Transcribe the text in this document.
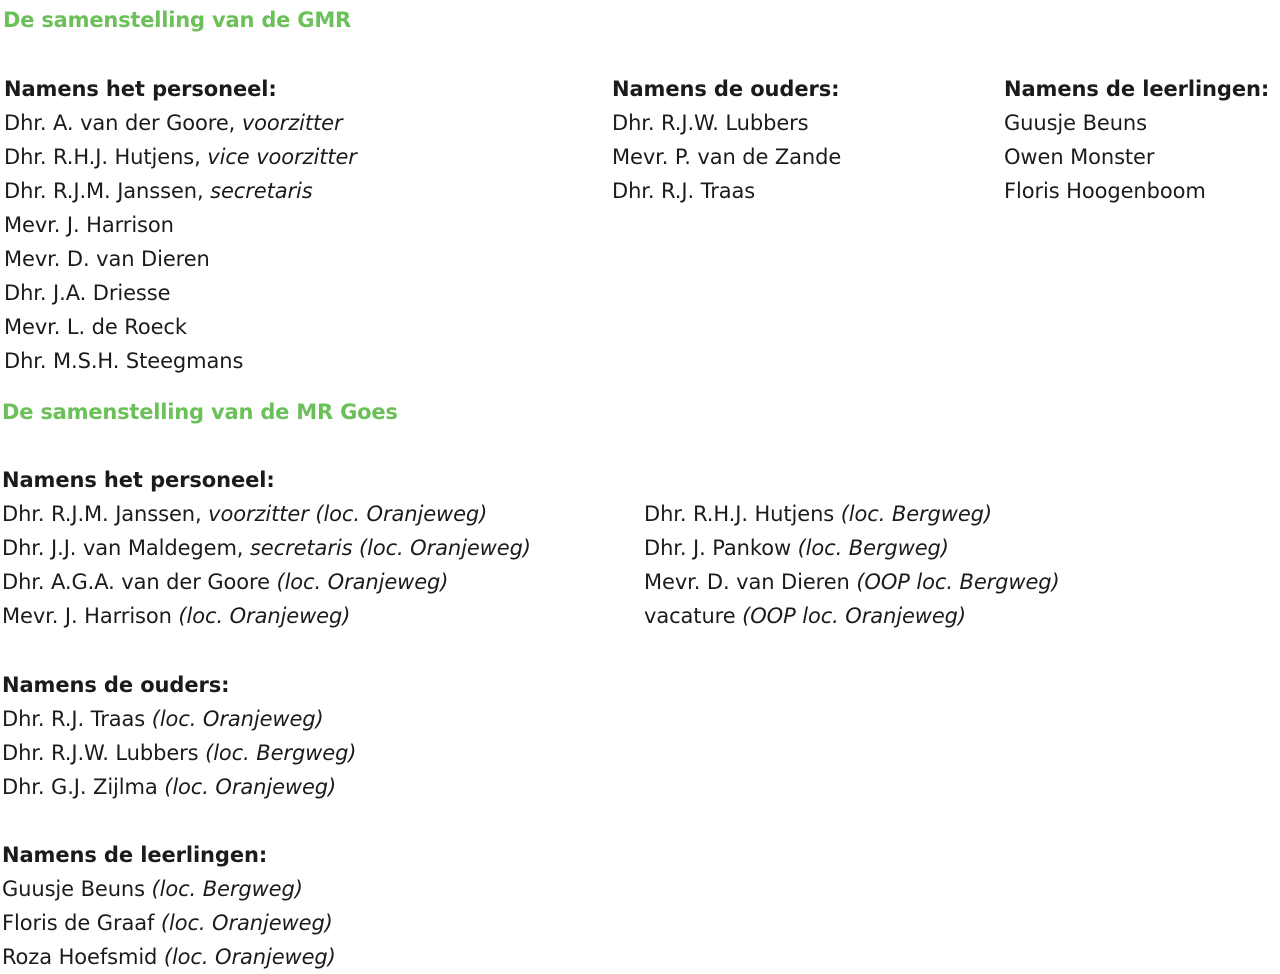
De samenstelling van de GMR
Namens het personeel:
Dhr. A. van der Goore, voorzitter
Dhr. R.H.J. Hutjens, vice voorzitter
Dhr. R.J.M. Janssen, secretaris
Mevr. J. Harrison
Mevr. D. van Dieren
Dhr. J.A. Driesse
Mevr. L. de Roeck
Dhr. M.S.H. Steegmans
Namens de ouders:
Dhr. R.J.W. Lubbers
Mevr. P. van de Zande
Dhr. R.J. Traas
Namens de leerlingen:
Guusje Beuns
Owen Monster
Floris Hoogenboom
De samenstelling van de MR Goes
Namens het personeel:
Dhr. R.J.M. Janssen, voorzitter (loc. Oranjeweg)
Dhr. J.J. van Maldegem, secretaris (loc. Oranjeweg)
Dhr. A.G.A. van der Goore (loc. Oranjeweg)
Mevr. J. Harrison (loc. Oranjeweg)
Dhr. R.H.J. Hutjens (loc. Bergweg)
Dhr. J. Pankow (loc. Bergweg)
Mevr. D. van Dieren (OOP loc. Bergweg)
vacature (OOP loc. Oranjeweg)
Namens de ouders:
Dhr. R.J. Traas (loc. Oranjeweg)
Dhr. R.J.W. Lubbers (loc. Bergweg)
Dhr. G.J. Zijlma (loc. Oranjeweg)
Namens de leerlingen:
Guusje Beuns (loc. Bergweg)
Floris de Graaf (loc. Oranjeweg)
Roza Hoefsmid (loc. Oranjeweg)
